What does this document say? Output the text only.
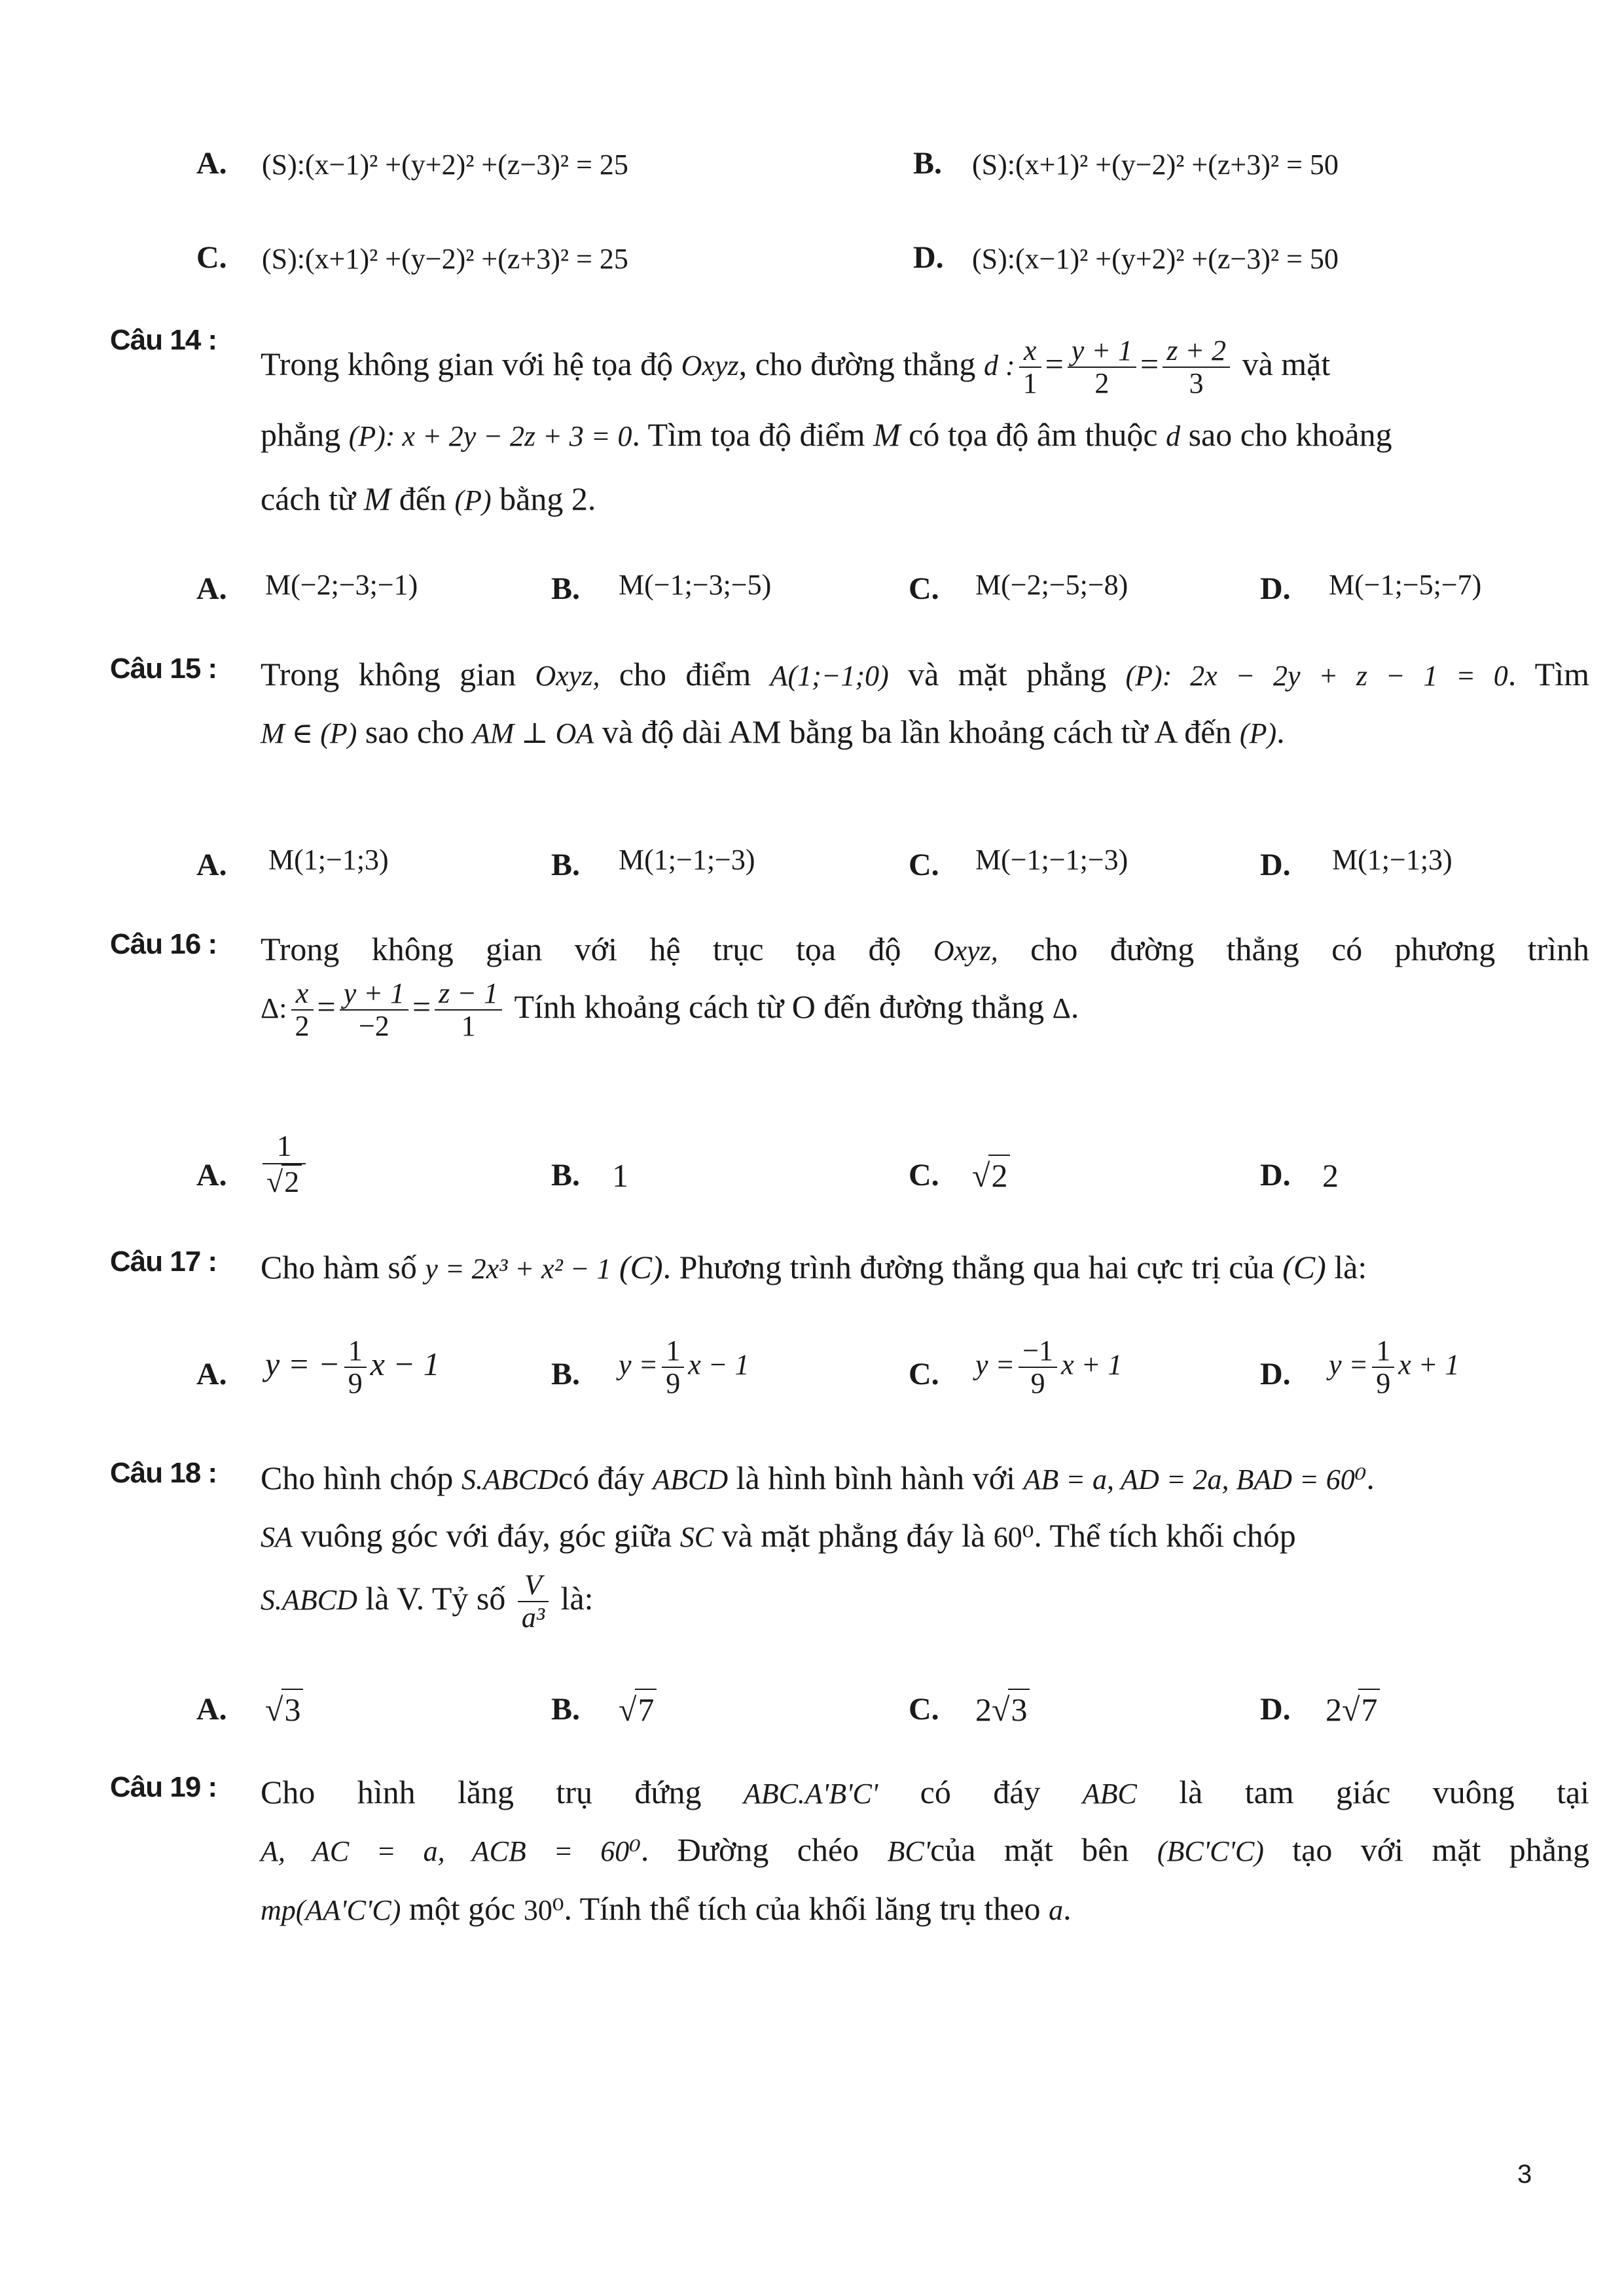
A. (S):(x−1)² +(y+2)² +(z−3)² = 25	B. (S):(x+1)² +(y−2)² +(z+3)² = 50
C. (S):(x+1)² +(y−2)² +(z+3)² = 25	D. (S):(x−1)² +(y+2)² +(z−3)² = 50
Câu 14 :
Trong không gian với hệ tọa độ Oxyz, cho đường thẳng d : $\frac{x}{1} = \frac{y + 1}{2} = \frac{z + 2}{3}$ và mặt
phẳng (P): x + 2y − 2z + 3 = 0. Tìm tọa độ điểm M có tọa độ âm thuộc d sao cho khoảng
cách từ M đến (P) bằng 2.
A. M(−2;−3;−1)	B. M(−1;−3;−5)	C. M(−2;−5;−8)	D. M(−1;−5;−7)
Câu 15 : Trong không gian Oxyz, cho điểm A(1;−1;0) và mặt phẳng (P): 2x − 2y + z − 1 = 0. Tìm
M ∈ (P) sao cho AM ⊥ OA và độ dài AM bằng ba lần khoảng cách từ A đến (P).
A. M(1;−1;3)	B. M(1;−1;−3)	C. M(−1;−1;−3)	D. M(1;−1;3)
Câu 16 : Trong không gian với hệ trục tọa độ Oxyz, cho đường thẳng có phương trình
Δ: $\frac{x}{2} = \frac{y + 1}{-2} = \frac{z - 1}{1}$ Tính khoảng cách từ O đến đường thẳng Δ.
A. $\frac{1}{√2}$	B. 1	C. √2	D. 2
Câu 17 : Cho hàm số y = 2x³ + x² − 1 (C). Phương trình đường thẳng qua hai cực trị của (C) là:
A. y = − $\frac{1}{9}$ x − 1	B. $y = \frac{1}{9}$ x − 1	C. $y = \frac{-1}{9}$ x + 1	D. $y = \frac{1}{9}$ x + 1
Câu 18 : Cho hình chóp S.ABCDcó đáy ABCD là hình bình hành với AB = a, AD = 2a, BAD = 60⁰.
SA vuông góc với đáy, góc giữa SC và mặt phẳng đáy là 60⁰. Thể tích khối chóp
S.ABCD là V. Tỷ số $\frac{V}{\text{a³}}$ là:
A. √3	B. √7	C. 2√3	D. 2√7
Câu 19 : Cho hình lăng trụ đứng ABC.A'B'C' có đáy ABC là tam giác vuông tại
A, AC = a, ACB = 60⁰. Đường chéo BC'của mặt bên (BC'C'C) tạo với mặt phẳng
mp(AA'C'C) một góc 30⁰. Tính thể tích của khối lăng trụ theo a.
3
